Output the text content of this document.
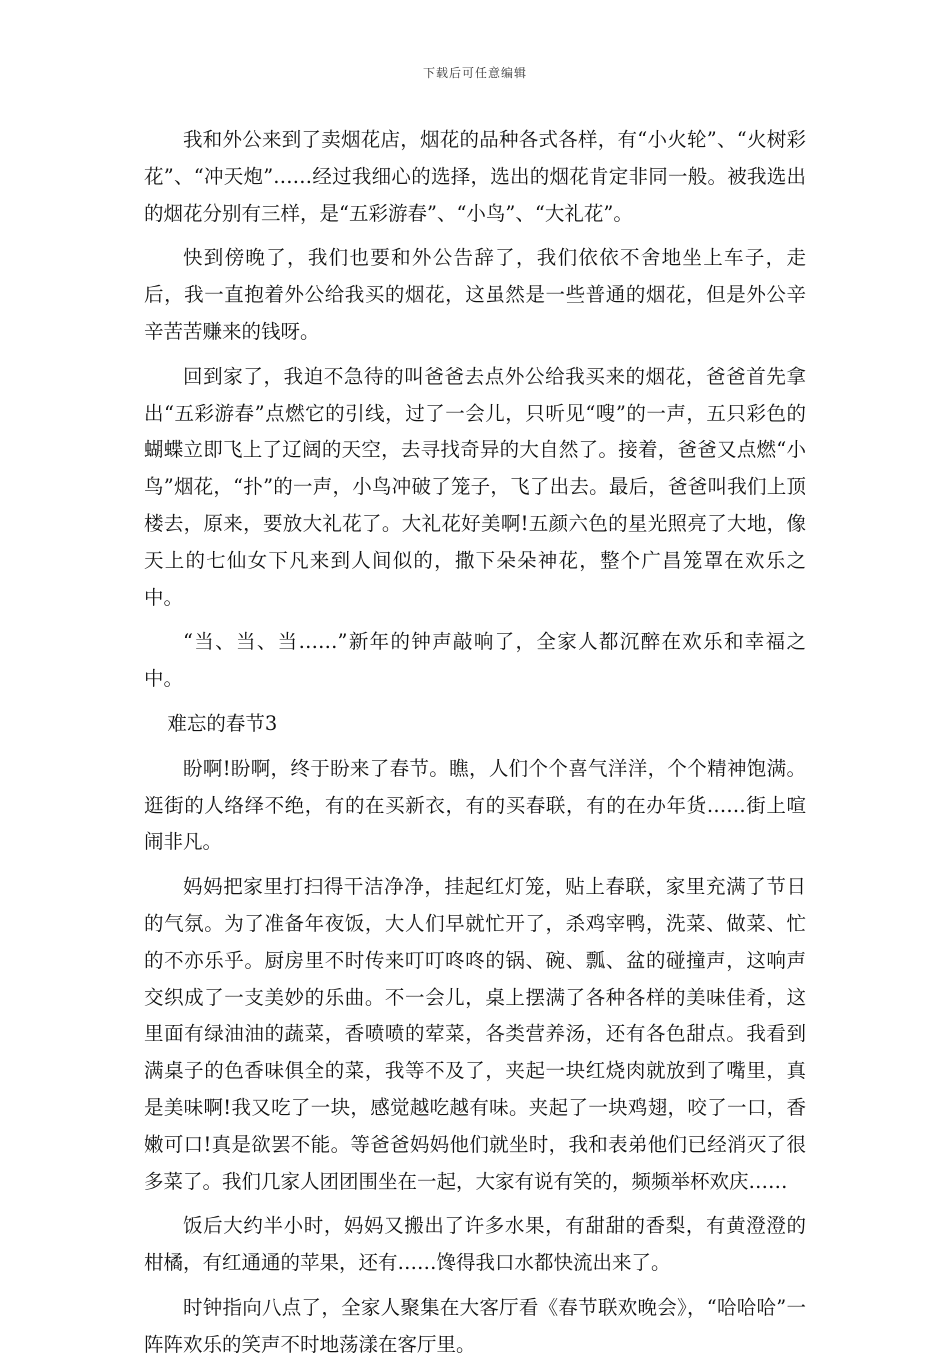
下载后可任意编辑

我和外公来到了卖烟花店，烟花的品种各式各样，有“小火轮”、“火树彩花”、“冲天炮”……经过我细心的选择，选出的烟花肯定非同一般。被我选出的烟花分别有三样，是“五彩游春”、“小鸟”、“大礼花”。

快到傍晚了，我们也要和外公告辞了，我们依依不舍地坐上车子，走后，我一直抱着外公给我买的烟花，这虽然是一些普通的烟花，但是外公辛辛苦苦赚来的钱呀。

回到家了，我迫不急待的叫爸爸去点外公给我买来的烟花，爸爸首先拿出“五彩游春”点燃它的引线，过了一会儿，只听见“嗖”的一声，五只彩色的蝴蝶立即飞上了辽阔的天空，去寻找奇异的大自然了。接着，爸爸又点燃“小鸟”烟花，“扑”的一声，小鸟冲破了笼子，飞了出去。最后，爸爸叫我们上顶楼去，原来，要放大礼花了。大礼花好美啊!五颜六色的星光照亮了大地，像天上的七仙女下凡来到人间似的，撒下朵朵神花，整个广昌笼罩在欢乐之中。

“当、当、当……”新年的钟声敲响了，全家人都沉醉在欢乐和幸福之中。

难忘的春节3

盼啊!盼啊，终于盼来了春节。瞧，人们个个喜气洋洋，个个精神饱满。逛街的人络绎不绝，有的在买新衣，有的买春联，有的在办年货……街上喧闹非凡。

妈妈把家里打扫得干洁净净，挂起红灯笼，贴上春联，家里充满了节日的气氛。为了准备年夜饭，大人们早就忙开了，杀鸡宰鸭，洗菜、做菜、忙的不亦乐乎。厨房里不时传来叮叮咚咚的锅、碗、瓢、盆的碰撞声，这响声交织成了一支美妙的乐曲。不一会儿，桌上摆满了各种各样的美味佳肴，这里面有绿油油的蔬菜，香喷喷的荤菜，各类营养汤，还有各色甜点。我看到满桌子的色香味俱全的菜，我等不及了，夹起一块红烧肉就放到了嘴里，真是美味啊!我又吃了一块，感觉越吃越有味。夹起了一块鸡翅，咬了一口，香嫩可口!真是欲罢不能。等爸爸妈妈他们就坐时，我和表弟他们已经消灭了很多菜了。我们几家人团团围坐在一起，大家有说有笑的，频频举杯欢庆……

饭后大约半小时，妈妈又搬出了许多水果，有甜甜的香梨，有黄澄澄的柑橘，有红通通的苹果，还有……馋得我口水都快流出来了。

时钟指向八点了，全家人聚集在大客厅看《春节联欢晚会》，“哈哈哈”一阵阵欢乐的笑声不时地荡漾在客厅里。
